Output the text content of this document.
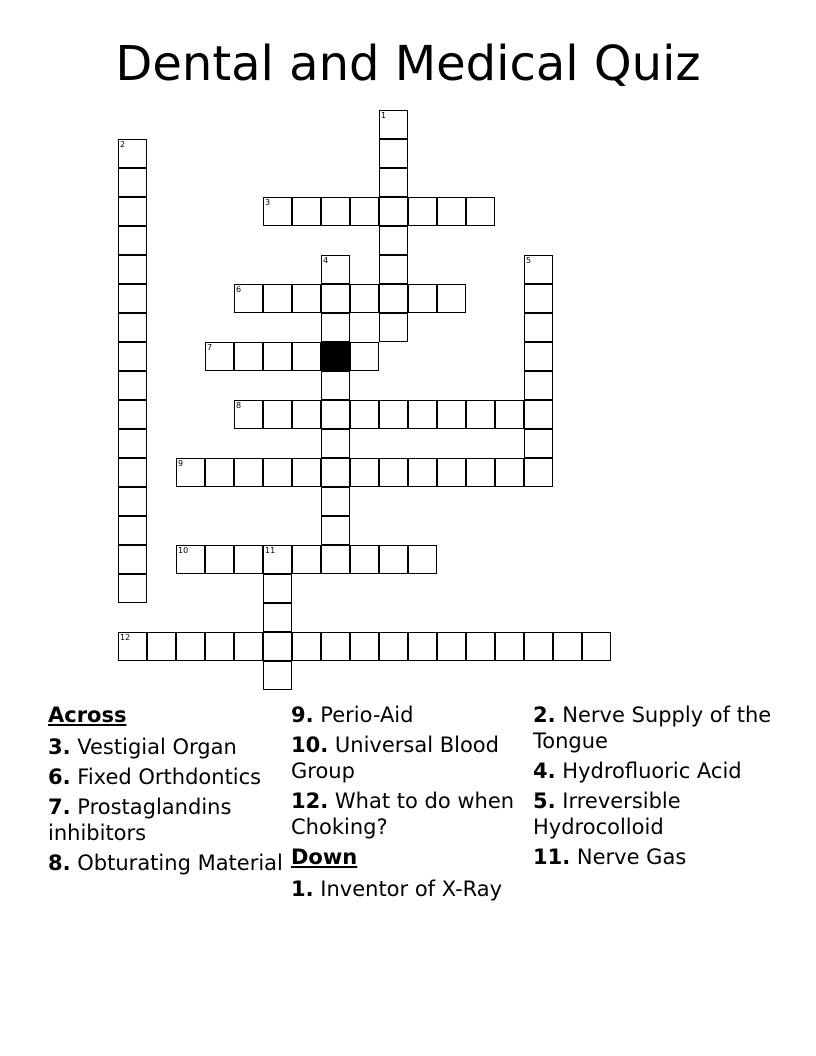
Dental and Medical Quiz
1
2
3
4	5
6
7
8
9
10	11
12
Across
3. Vestigial Organ
6. Fixed Orthdontics
7. Prostaglandins inhibitors
8. Obturating Material
9. Perio-Aid
10. Universal Blood Group
12. What to do when Choking?
Down
1. Inventor of X-Ray
2. Nerve Supply of the Tongue
4. Hydrofluoric Acid
5. Irreversible Hydrocolloid
11. Nerve Gas
